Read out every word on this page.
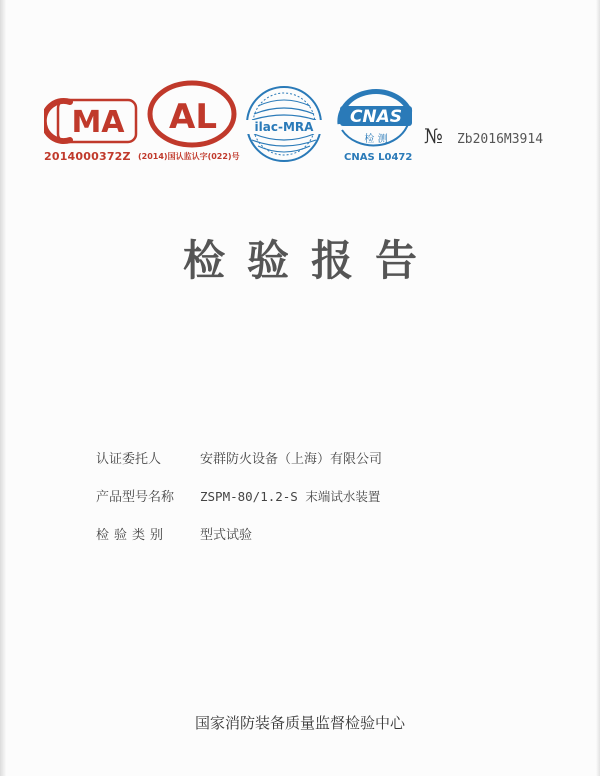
MA
2014000372Z
AL
(2014)国认监认字(022)号
ilac-MRA CNAS
检 测
CNAS L0472
№ Zb2016M3914
检验报告
认证委托人	安群防火设备（上海）有限公司
产品型号名称	ZSPM-80/1.2-S 末端试水装置
检验类别	型式试验
国家消防装备质量监督检验中心
